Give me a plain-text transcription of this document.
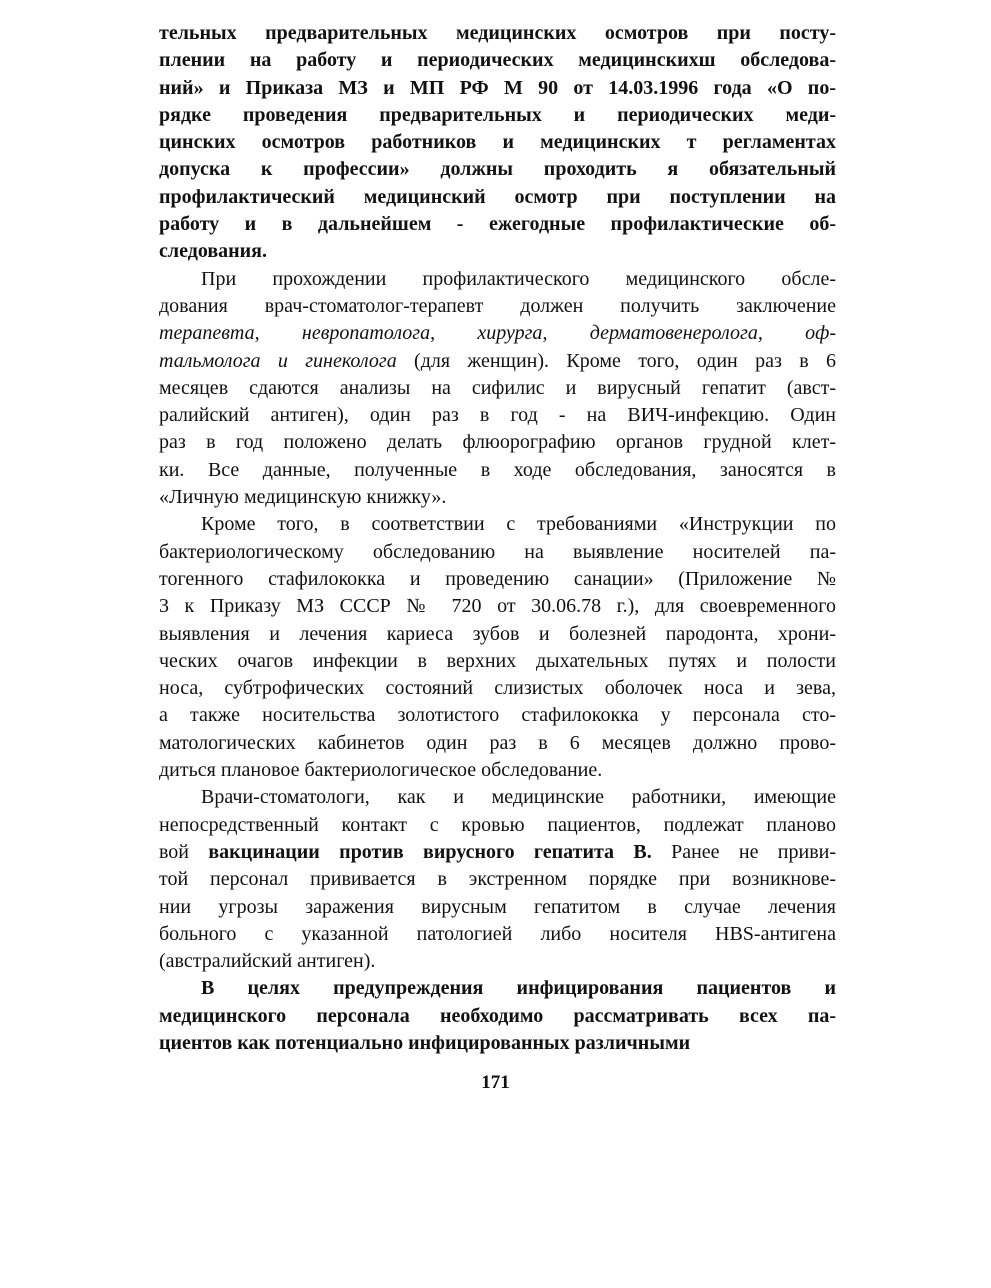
тельных предварительных медицинских осмотров при посту-
плении на работу и периодических медицинскихш обследова-
ний» и Приказа МЗ и МП РФ М 90 от 14.03.1996 года «О по-
рядке проведения предварительных и периодических меди-
цинских осмотров работников и медицинских т регламентах
допуска к профессии» должны проходить я обязательный
профилактический медицинский осмотр при поступлении на
работу и в дальнейшем - ежегодные профилактические об-
следования.
При прохождении профилактического медицинского обсле-
дования врач-стоматолог-терапевт должен получить заключение
терапевта, невропатолога, хирурга, дерматовенеролога, оф-
тальмолога и гинеколога (для женщин). Кроме того, один раз в 6
месяцев сдаются анализы на сифилис и вирусный гепатит (авст-
ралийский антиген), один раз в год - на ВИЧ-инфекцию. Один
раз в год положено делать флюорографию органов грудной клет-
ки. Все данные, полученные в ходе обследования, заносятся в
«Личную медицинскую книжку».
Кроме того, в соответствии с требованиями «Инструкции по
бактериологическому обследованию на выявление носителей па-
тогенного стафилококка и проведению санации» (Приложение №
3 к Приказу МЗ СССР № 720 от 30.06.78 г.), для своевременного
выявления и лечения кариеса зубов и болезней пародонта, хрони-
ческих очагов инфекции в верхних дыхательных путях и полости
носа, субтрофических состояний слизистых оболочек носа и зева,
а также носительства золотистого стафилококка у персонала сто-
матологических кабинетов один раз в 6 месяцев должно прово-
диться плановое бактериологическое обследование.
Врачи-стоматологи, как и медицинские работники, имеющие
непосредственный контакт с кровью пациентов, подлежат планово
вой вакцинации против вирусного гепатита В. Ранее не приви-
той персонал прививается в экстренном порядке при возникнове-
нии угрозы заражения вирусным гепатитом в случае лечения
больного с указанной патологией либо носителя HBS-антигена
(австралийский антиген).
В целях предупреждения инфицирования пациентов и
медицинского персонала необходимо рассматривать всех па-
циентов как потенциально инфицированных различными
171
